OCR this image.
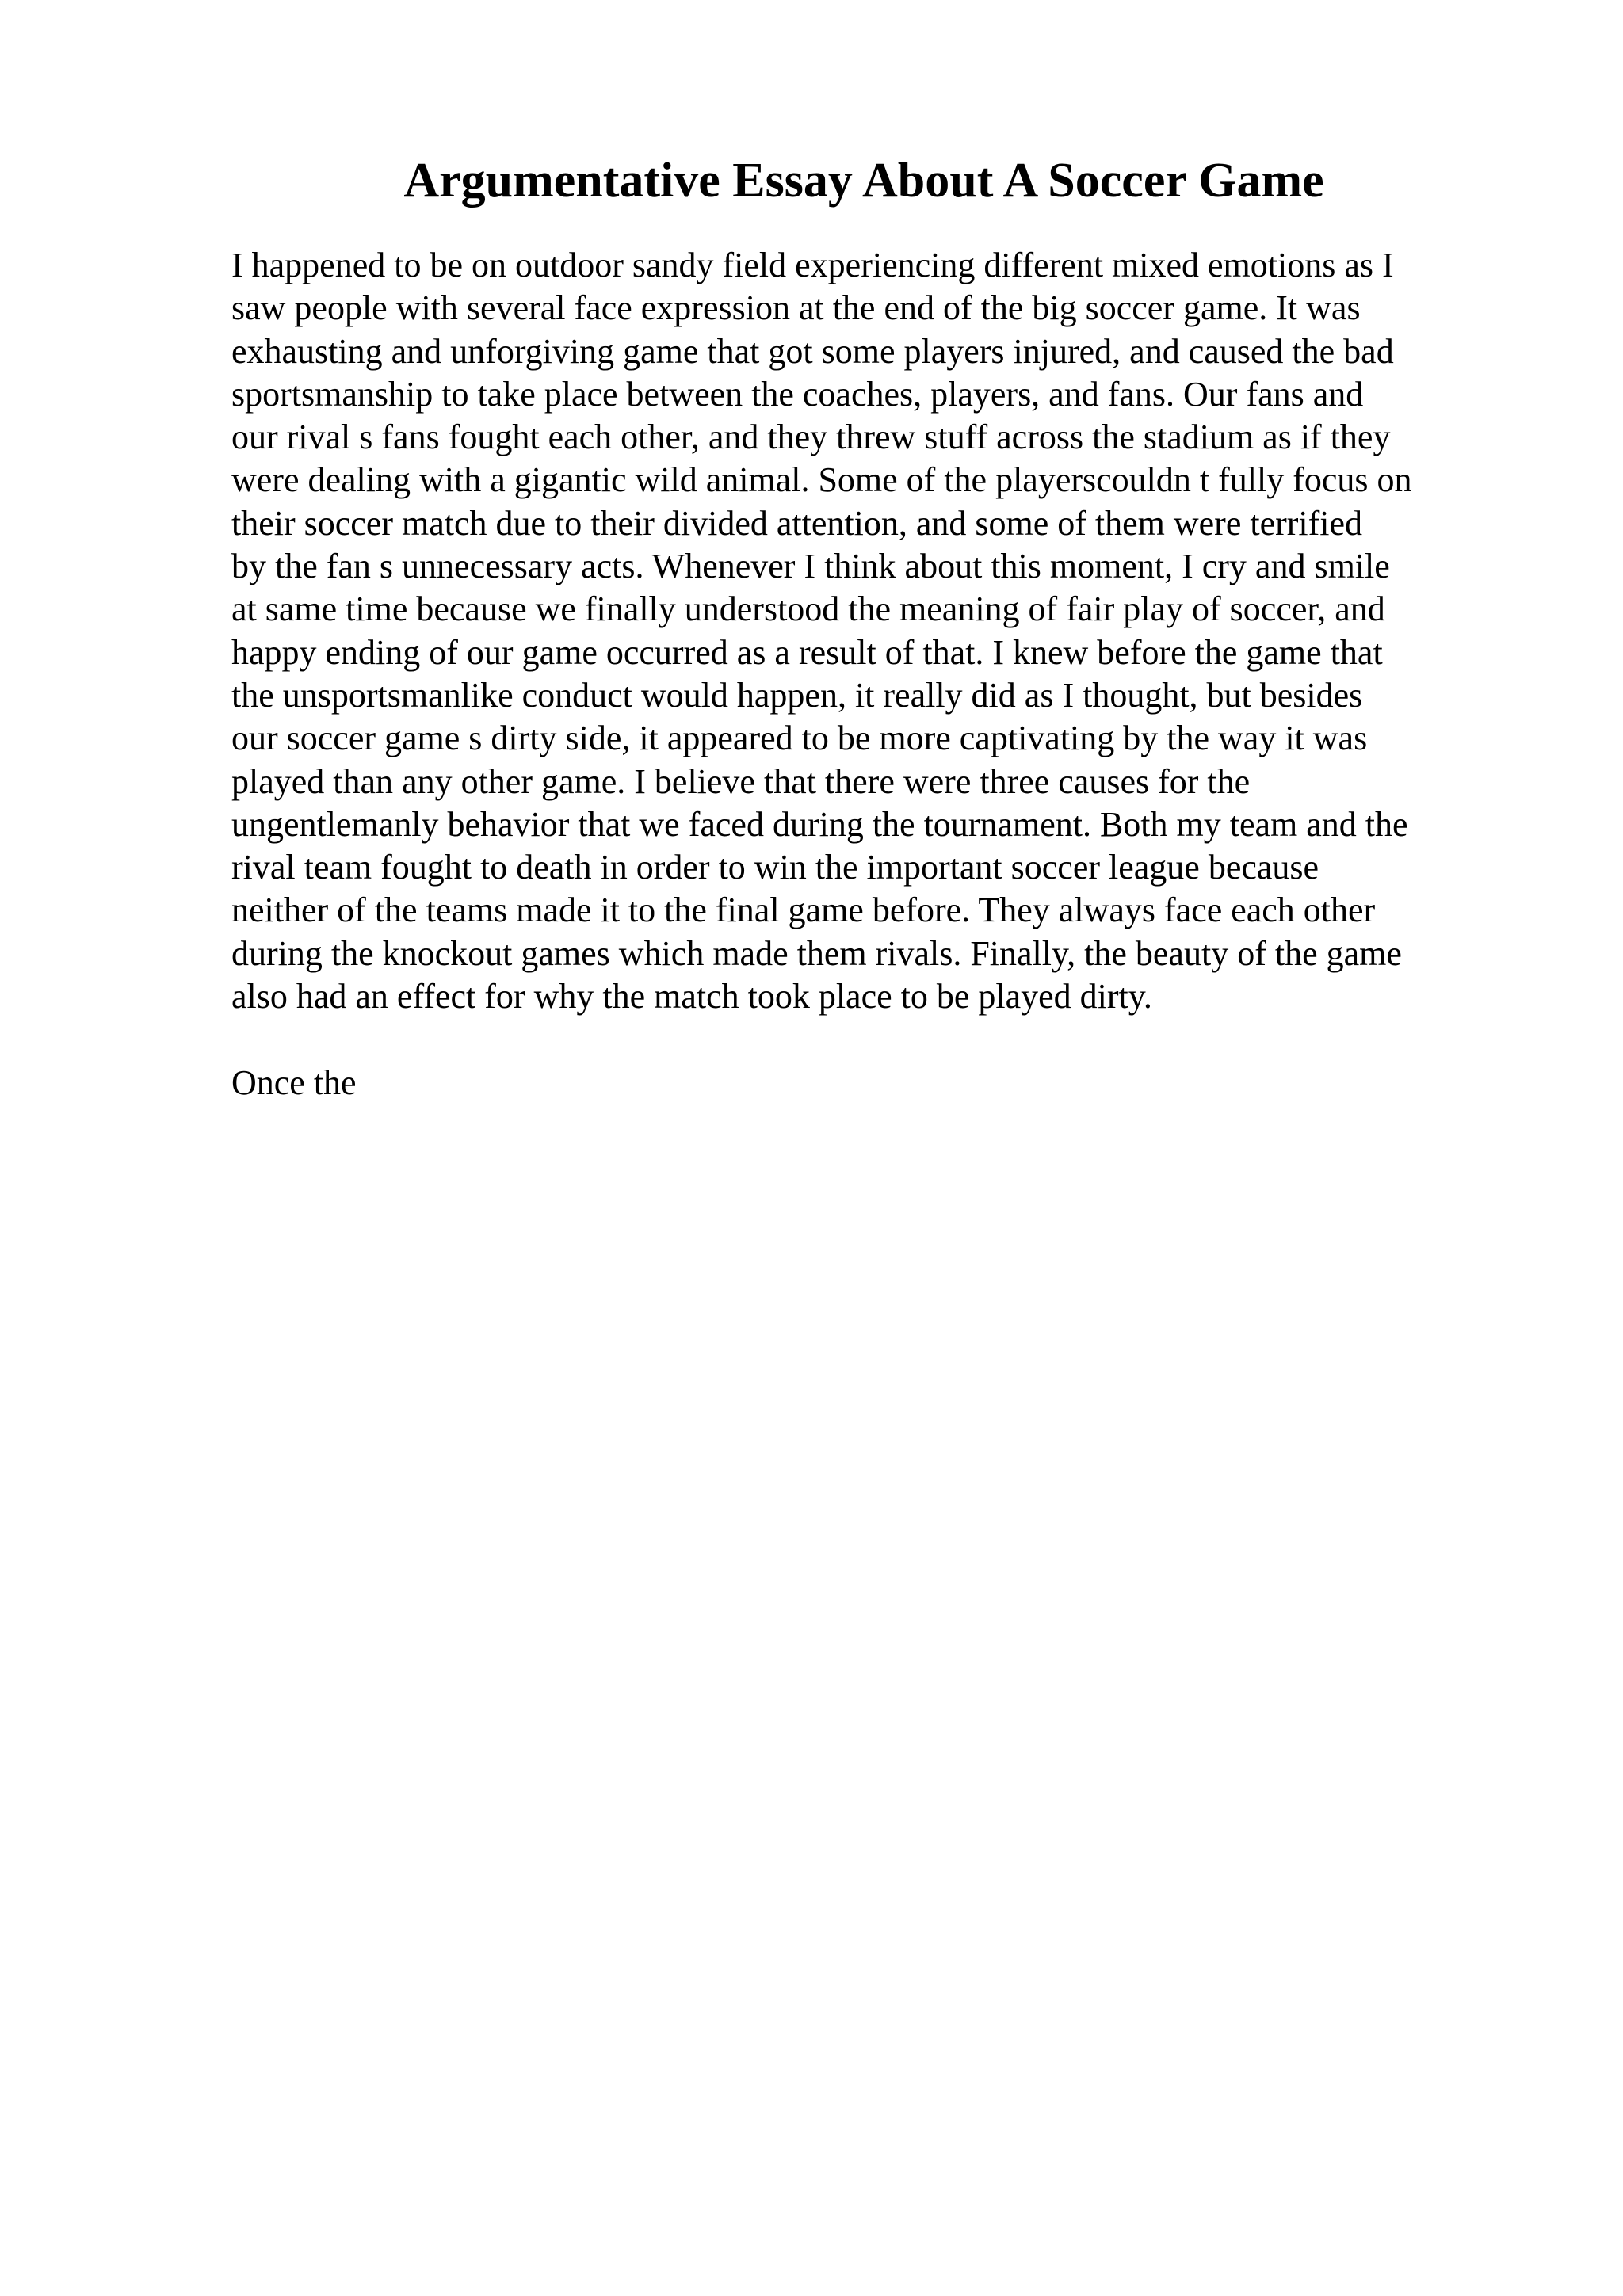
Argumentative Essay About A Soccer Game
I happened to be on outdoor sandy field experiencing different mixed emotions as I
saw people with several face expression at the end of the big soccer game. It was
exhausting and unforgiving game that got some players injured, and caused the bad
sportsmanship to take place between the coaches, players, and fans. Our fans and
our rival s fans fought each other, and they threw stuff across the stadium as if they
were dealing with a gigantic wild animal. Some of the playerscouldn t fully focus on
their soccer match due to their divided attention, and some of them were terrified
by the fan s unnecessary acts. Whenever I think about this moment, I cry and smile
at same time because we finally understood the meaning of fair play of soccer, and
happy ending of our game occurred as a result of that. I knew before the game that
the unsportsmanlike conduct would happen, it really did as I thought, but besides
our soccer game s dirty side, it appeared to be more captivating by the way it was
played than any other game. I believe that there were three causes for the
ungentlemanly behavior that we faced during the tournament. Both my team and the
rival team fought to death in order to win the important soccer league because
neither of the teams made it to the final game before. They always face each other
during the knockout games which made them rivals. Finally, the beauty of the game
also had an effect for why the match took place to be played dirty.
Once the
